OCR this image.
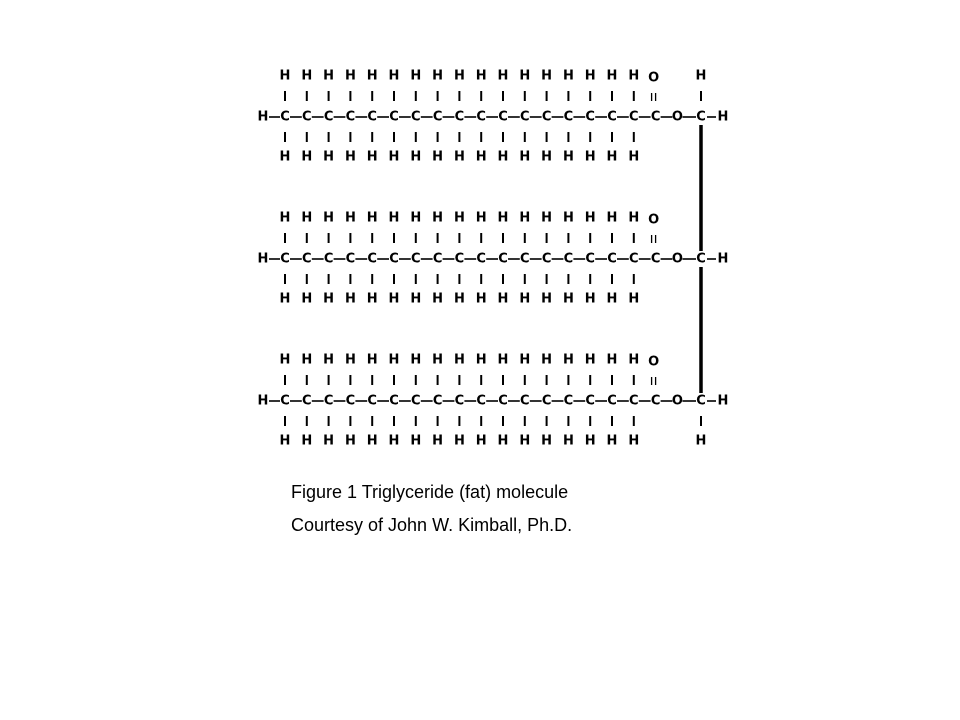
H C
H
H
C
H
H
C
H
H
C
H
H
C
H
H
C
H
H
C
H
H
C
H
H
C
H
H
C
H
H
C
H
H
C
H
H
C
H
H
C
H
H
C
H
H
C
H
H
C
H
H
C
O
O C H
H
H C
H
H
C
H
H
C
H
H
C
H
H
C
H
H
C
H
H
C
H
H
C
H
H
C
H
H
C
H
H
C
H
H
C
H
H
C
H
H
C
H
H
C
H
H
C
H
H
C
H
H
C
O
O C H
H C
H
H
C
H
H
C
H
H
C
H
H
C
H
H
C
H
H
C
H
H
C
H
H
C
H
H
C
H
H
C
H
H
C
H
H
C
H
H
C
H
H
C
H
H
C
H
H
C
H
H
C
O
O C H
H
Figure 1 Triglyceride (fat) molecule
Courtesy of John W. Kimball, Ph.D.
